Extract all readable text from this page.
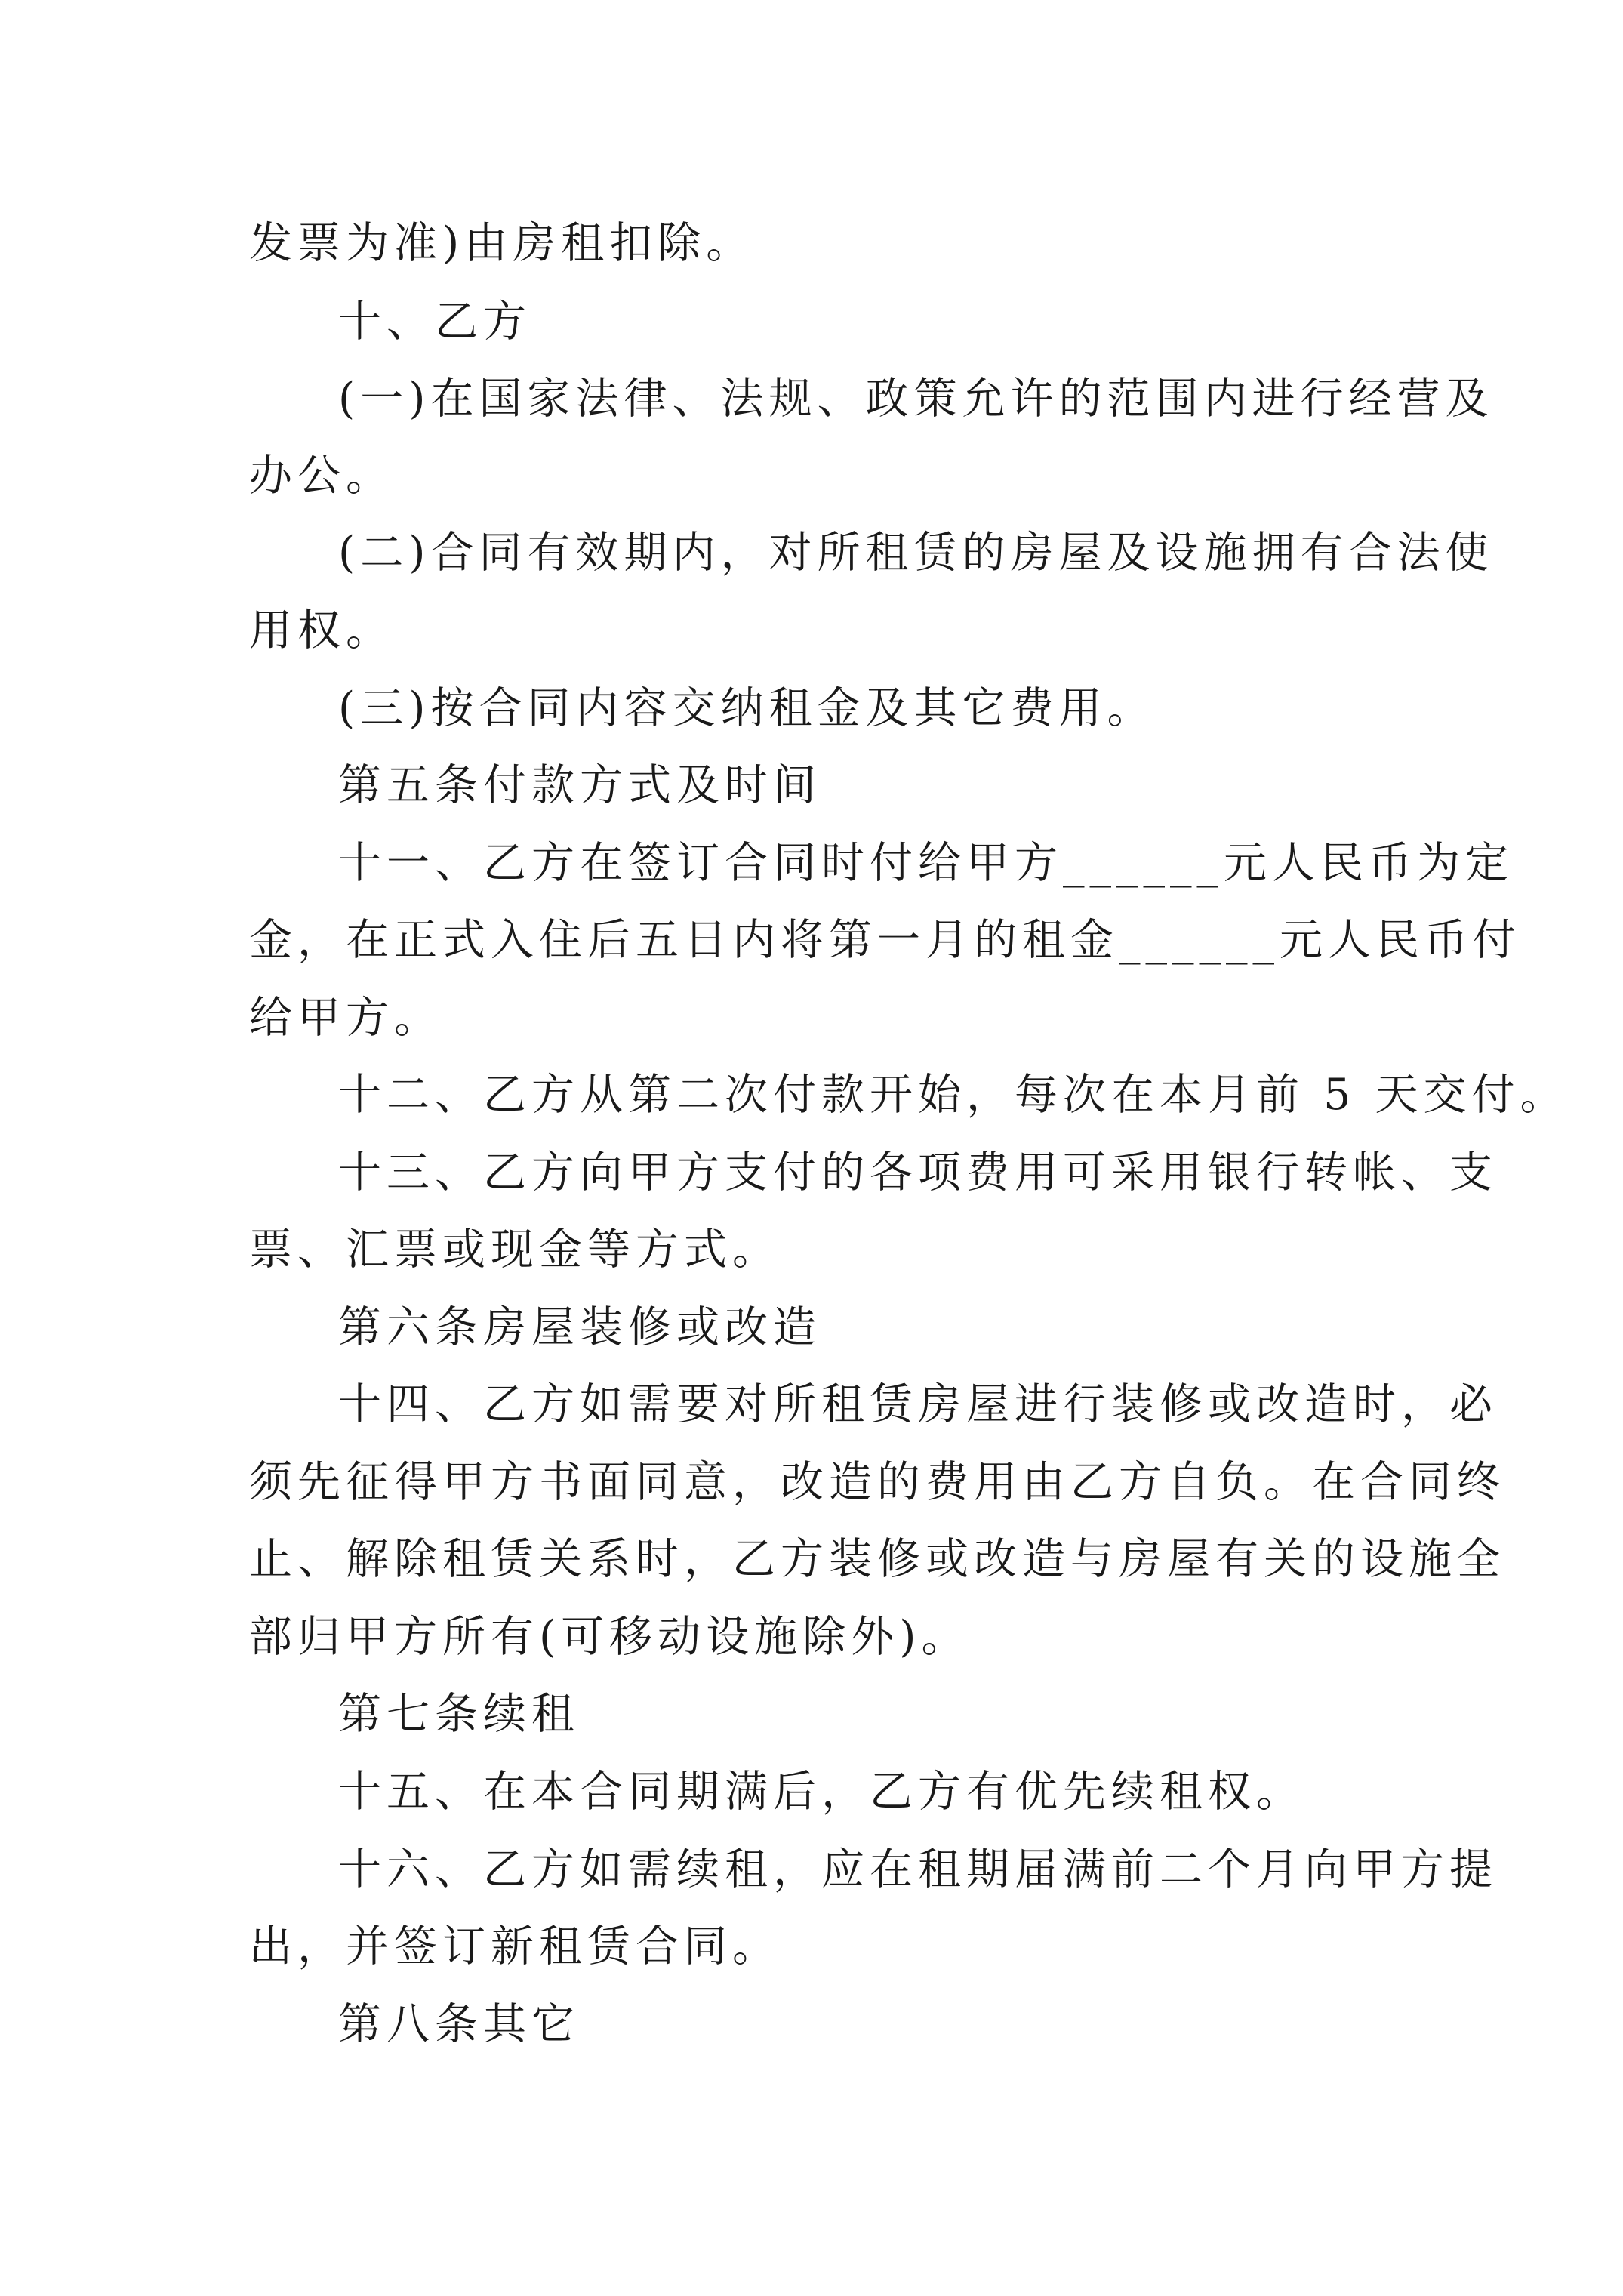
发票为准)由房租扣除。
十、乙方
(一)在国家法律、法规、政策允许的范围内进行经营及
办公。
(二)合同有效期内，对所租赁的房屋及设施拥有合法使
用权。
(三)按合同内容交纳租金及其它费用。
第五条付款方式及时间
十一、乙方在签订合同时付给甲方______元人民币为定
金，在正式入住后五日内将第一月的租金______元人民币付
给甲方。
十二、乙方从第二次付款开始，每次在本月前 5 天交付。
十三、乙方向甲方支付的各项费用可采用银行转帐、支
票、汇票或现金等方式。
第六条房屋装修或改造
十四、乙方如需要对所租赁房屋进行装修或改造时，必
须先征得甲方书面同意，改造的费用由乙方自负。在合同终
止、解除租赁关系时，乙方装修或改造与房屋有关的设施全
部归甲方所有(可移动设施除外)。
第七条续租
十五、在本合同期满后，乙方有优先续租权。
十六、乙方如需续租，应在租期届满前二个月向甲方提
出，并签订新租赁合同。
第八条其它
